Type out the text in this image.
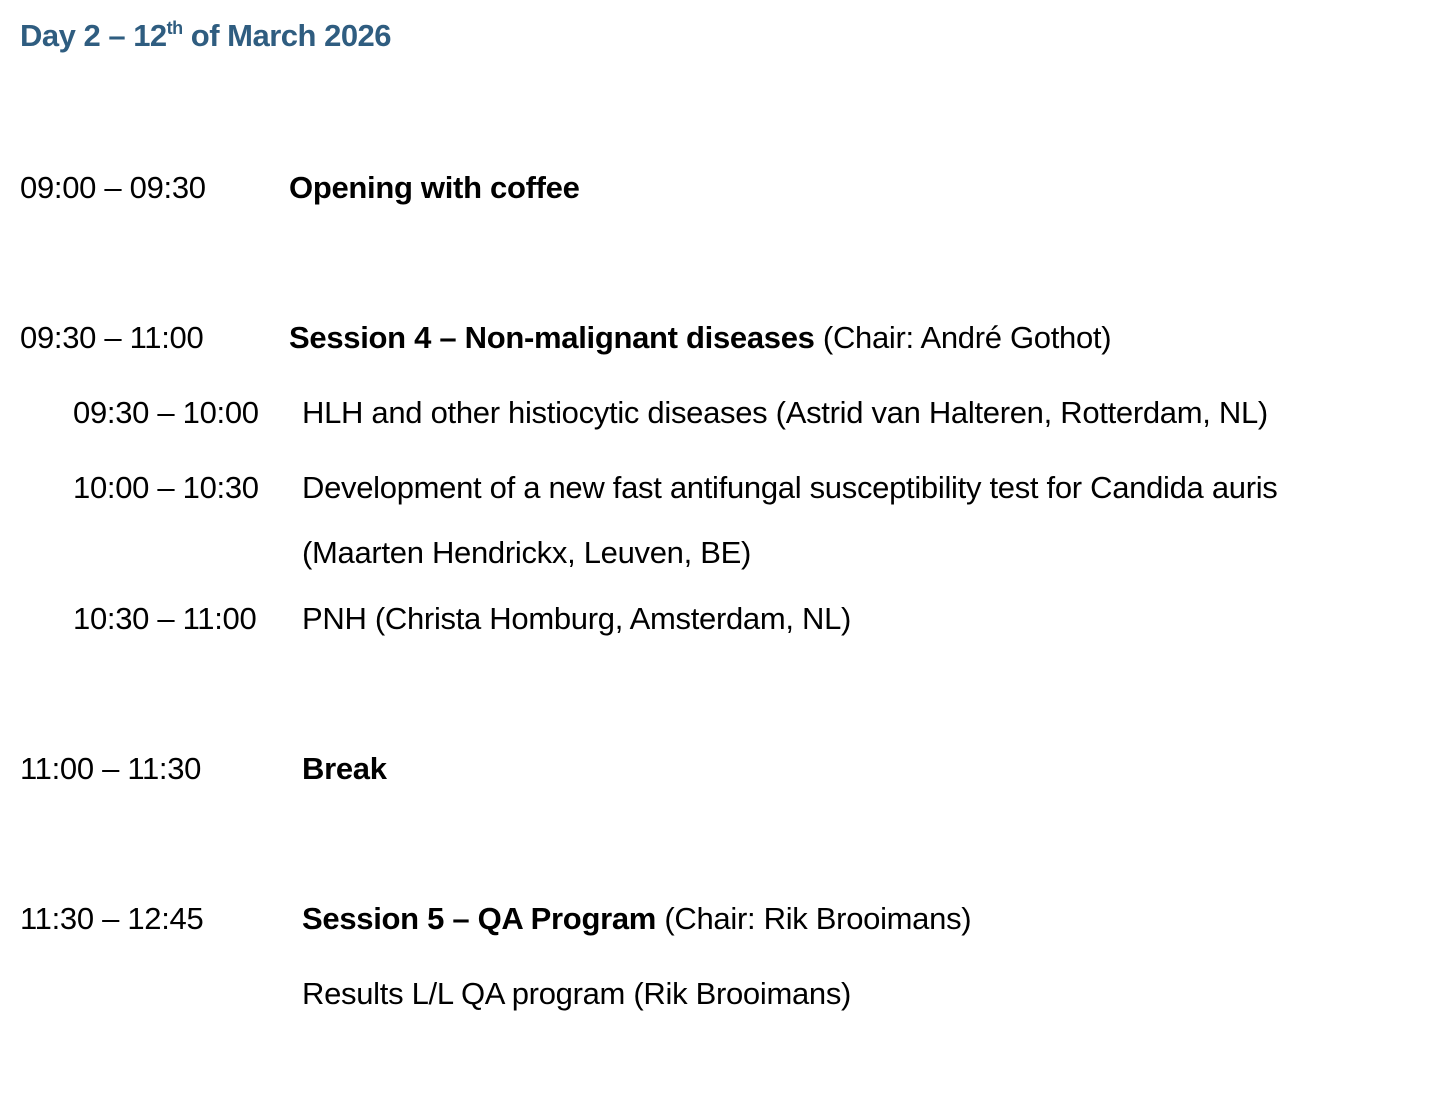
Day 2 – 12th of March 2026
09:00 – 09:30	Opening with coffee
09:30 – 11:00	Session 4 – Non-malignant diseases (Chair: André Gothot)
09:30 – 10:00 HLH and other histiocytic diseases (Astrid van Halteren, Rotterdam, NL)
10:00 – 10:30 Development of a new fast antifungal susceptibility test for Candida auris
(Maarten Hendrickx, Leuven, BE)
10:30 – 11:00 PNH (Christa Homburg, Amsterdam, NL)
11:00 – 11:30	Break
11:30 – 12:45	Session 5 – QA Program (Chair: Rik Brooimans)
Results L/L QA program (Rik Brooimans)
